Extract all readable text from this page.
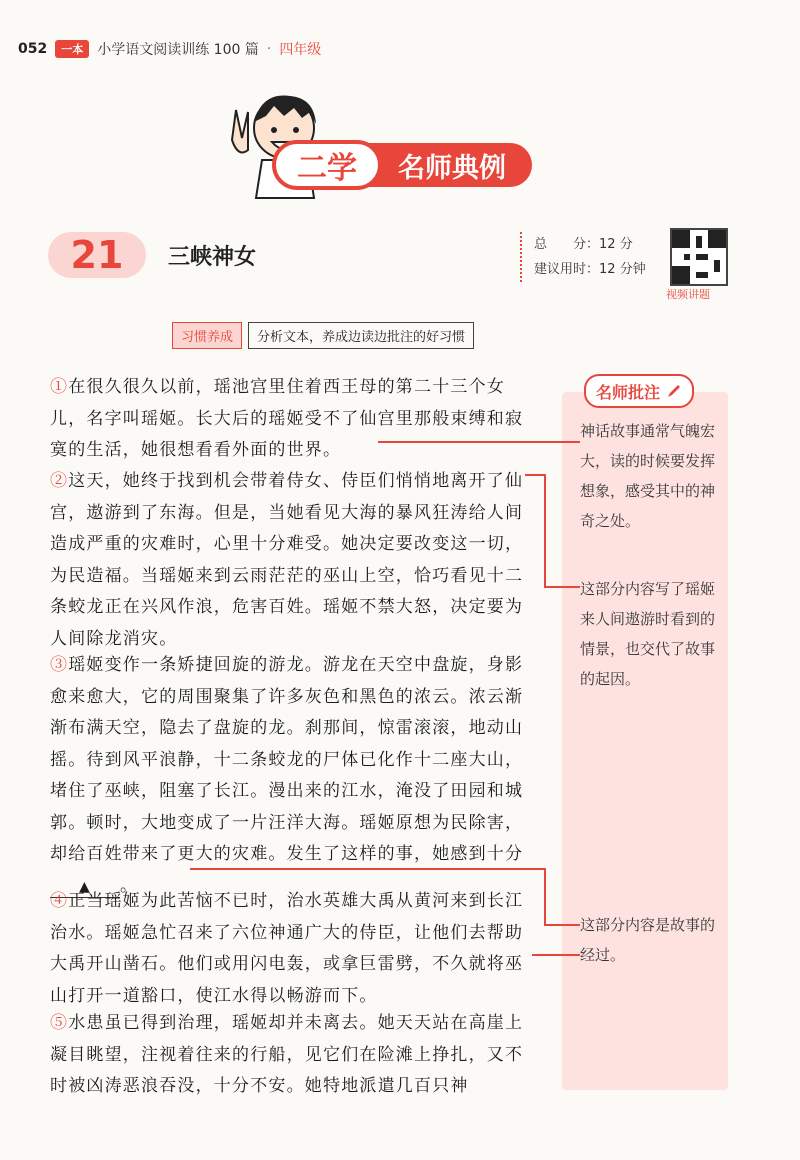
052	一本	小学语文阅读训练 100 篇 · 四年级
二学	名师典例
21 三峡神女	总　　分：12 分
建议用时：12 分钟
视频讲题
习惯养成	分析文本，养成边读边批注的好习惯

①在很久很久以前，瑶池宫里住着西王母的第二十三个女儿，名字叫瑶姬。长大后的瑶姬受不了仙宫里那般束缚和寂寞的生活，她很想看看外面的世界。

②这天，她终于找到机会带着侍女、侍臣们悄悄地离开了仙宫，遨游到了东海。但是，当她看见大海的暴风狂涛给人间造成严重的灾难时，心里十分难受。她决定要改变这一切，为民造福。当瑶姬来到云雨茫茫的巫山上空，恰巧看见十二条蛟龙正在兴风作浪，危害百姓。瑶姬不禁大怒，决定要为人间除龙消灾。

③瑶姬变作一条矫捷回旋的游龙。游龙在天空中盘旋，身影愈来愈大，它的周围聚集了许多灰色和黑色的浓云。浓云渐渐布满天空，隐去了盘旋的龙。刹那间，惊雷滚滚，地动山摇。待到风平浪静，十二条蛟龙的尸体已化作十二座大山，堵住了巫峡，阻塞了长江。漫出来的江水，淹没了田园和城郭。顿时，大地变成了一片汪洋大海。瑶姬原想为民除害，却给百姓带来了更大的灾难。发生了这样的事，她感到十分▲ 。

④正当瑶姬为此苦恼不已时，治水英雄大禹从黄河来到长江治水。瑶姬急忙召来了六位神通广大的侍臣，让他们去帮助大禹开山凿石。他们或用闪电轰，或拿巨雷劈，不久就将巫山打开一道豁口，使江水得以畅游而下。

⑤水患虽已得到治理，瑶姬却并未离去。她天天站在高崖上凝目眺望，注视着往来的行船，见它们在险滩上挣扎，又不时被凶涛恶浪吞没，十分不安。她特地派遣几百只神

名师批注

神话故事通常气魄宏大，读的时候要发挥想象，感受其中的神奇之处。

这部分内容写了瑶姬来人间遨游时看到的情景，也交代了故事的起因。

这部分内容是故事的经过。
